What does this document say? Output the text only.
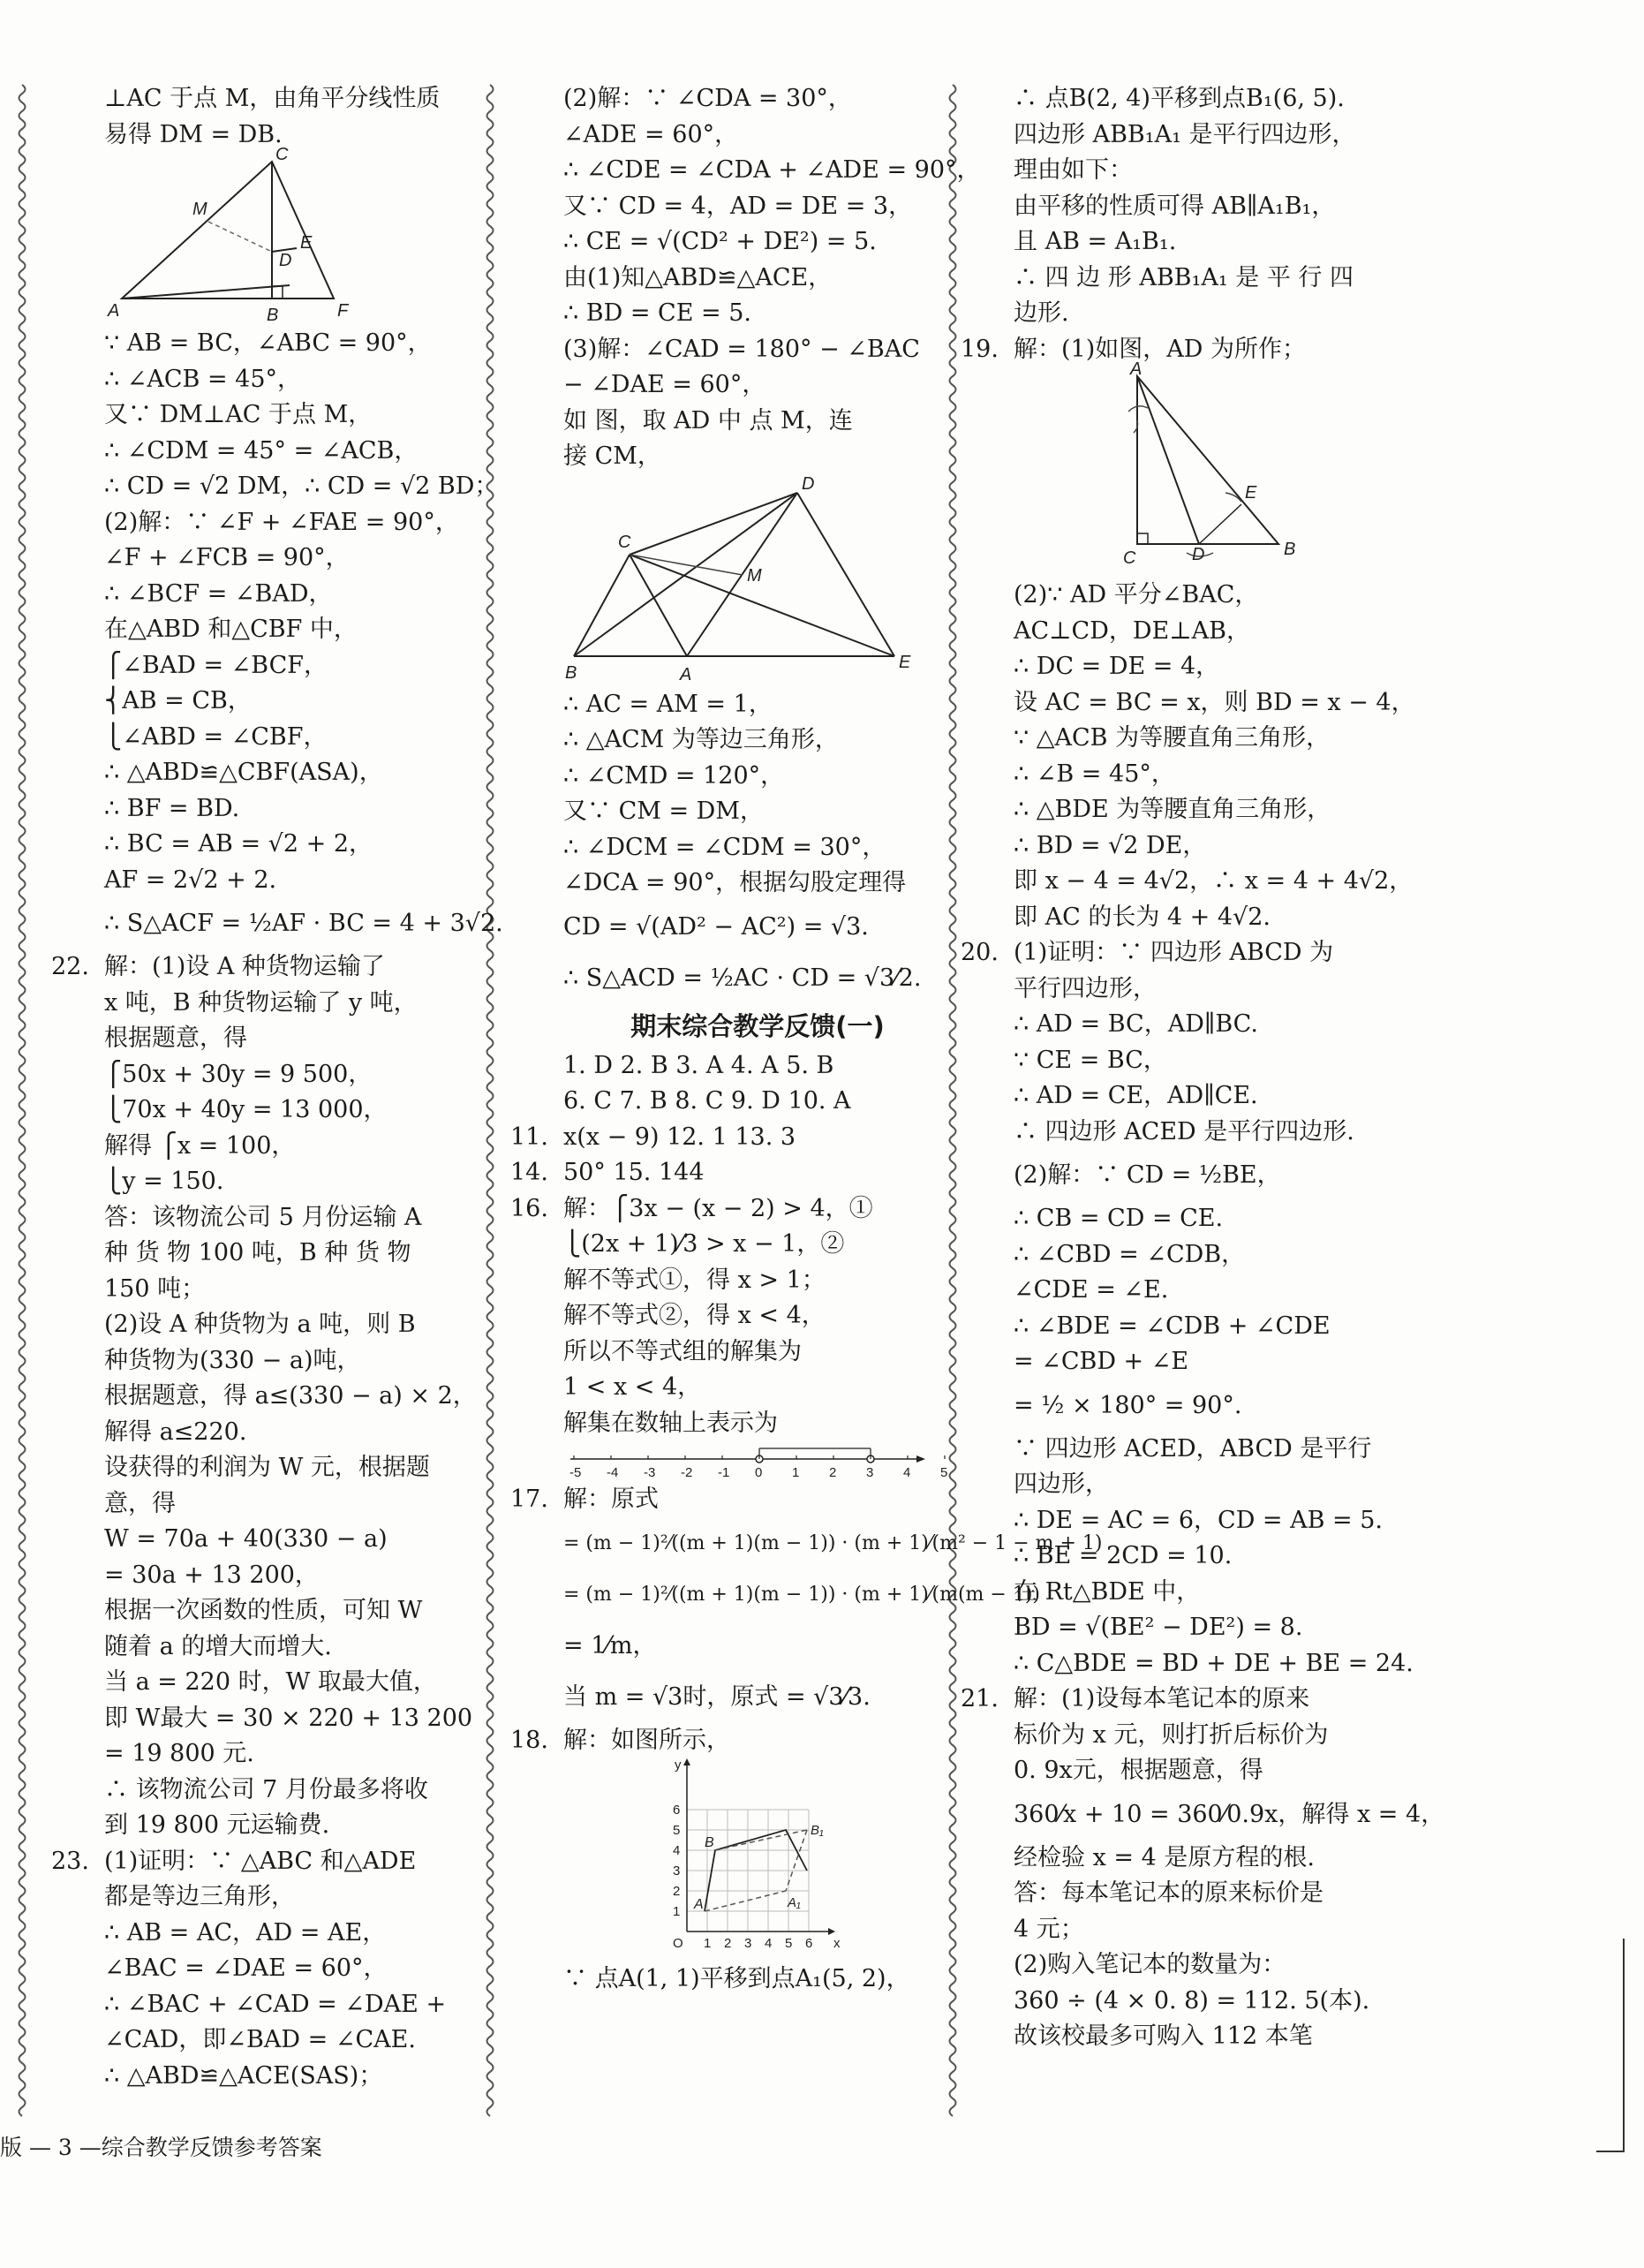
⊥AC 于点 M，由角平分线性质
易得 DM = DB.
A	B
C
D
E
F
M
∵ AB = BC，∠ABC = 90°，
∴ ∠ACB = 45°，
又∵ DM⊥AC 于点 M，
∴ ∠CDM = 45° = ∠ACB，
∴ CD = √2 DM，∴ CD = √2 BD；
(2)解：∵ ∠F + ∠FAE = 90°，
∠F + ∠FCB = 90°，
∴ ∠BCF = ∠BAD，
在△ABD 和△CBF 中，
⎧∠BAD = ∠BCF，
⎨AB = CB，
⎩∠ABD = ∠CBF，
∴ △ABD≌△CBF(ASA)，
∴ BF = BD.
∴ BC = AB = √2 + 2，
AF = 2√2 + 2.
∴ S△ACF = ½AF · BC = 4 + 3√2.
22. 解：(1)设 A 种货物运输了
x 吨，B 种货物运输了 y 吨，
根据题意，得
⎧50x + 30y = 9 500，
⎩70x + 40y = 13 000，
解得 ⎧x = 100，
⎩y = 150.
答：该物流公司 5 月份运输 A
种 货 物 100 吨，B 种 货 物
150 吨；
(2)设 A 种货物为 a 吨，则 B
种货物为(330 − a)吨，
根据题意，得 a≤(330 − a) × 2，
解得 a≤220.
设获得的利润为 W 元，根据题
意，得
W = 70a + 40(330 − a)
= 30a + 13 200，
根据一次函数的性质，可知 W
随着 a 的增大而增大.
当 a = 220 时，W 取最大值，
即 W最大 = 30 × 220 + 13 200
= 19 800 元.
∴ 该物流公司 7 月份最多将收
到 19 800 元运输费.
23. (1)证明：∵ △ABC 和△ADE
都是等边三角形，
∴ AB = AC，AD = AE，
∠BAC = ∠DAE = 60°，
∴ ∠BAC + ∠CAD = ∠DAE +
∠CAD，即∠BAD = ∠CAE.
∴ △ABD≌△ACE(SAS)；
(2)解：∵ ∠CDA = 30°，
∠ADE = 60°，
∴ ∠CDE = ∠CDA + ∠ADE = 90°，
又∵ CD = 4，AD = DE = 3，
∴ CE = √(CD² + DE²) = 5.
由(1)知△ABD≌△ACE，
∴ BD = CE = 5.
(3)解：∠CAD = 180° − ∠BAC
− ∠DAE = 60°，
如 图，取 AD 中 点 M，连
接 CM，
C
D
M
B	A
E
∴ AC = AM = 1，
∴ △ACM 为等边三角形，
∴ ∠CMD = 120°，
又∵ CM = DM，
∴ ∠DCM = ∠CDM = 30°，
∠DCA = 90°，根据勾股定理得
CD = √(AD² − AC²) = √3.
∴ S△ACD = ½AC · CD = √3⁄2.
期末综合教学反馈(一)
1. D 2. B 3. A 4. A 5. B
6. C 7. B 8. C 9. D 10. A
11. x(x − 9) 12. 1 13. 3
14. 50° 15. 144
16. 解：⎧3x − (x − 2) > 4，①
⎩(2x + 1)⁄3 > x − 1，②
解不等式①，得 x > 1；
解不等式②，得 x < 4，
所以不等式组的解集为
1 < x < 4，
解集在数轴上表示为
-5 -4 -3 -2 -1 0 1 2 3 4 5
17. 解：原式
= (m − 1)²⁄((m + 1)(m − 1)) · (m + 1)⁄(m² − 1 − m + 1)
= (m − 1)²⁄((m + 1)(m − 1)) · (m + 1)⁄(m(m − 1))
= 1⁄m，
当 m = √3时，原式 = √3⁄3.
18. 解：如图所示，
O	x
y
A
B
A₁
B₁
1 2 3 4 5 6
1
2
3
4
5
6
∵ 点A(1, 1)平移到点A₁(5, 2)，
∴ 点B(2, 4)平移到点B₁(6, 5).
四边形 ABB₁A₁ 是平行四边形，
理由如下：
由平移的性质可得 AB∥A₁B₁，
且 AB = A₁B₁.
∴ 四 边 形 ABB₁A₁ 是 平 行 四
边形.
19. 解：(1)如图，AD 为所作；
A
C	D
E
B
(2)∵ AD 平分∠BAC，
AC⊥CD，DE⊥AB，
∴ DC = DE = 4，
设 AC = BC = x，则 BD = x − 4，
∵ △ACB 为等腰直角三角形，
∴ ∠B = 45°，
∴ △BDE 为等腰直角三角形，
∴ BD = √2 DE，
即 x − 4 = 4√2，∴ x = 4 + 4√2，
即 AC 的长为 4 + 4√2.
20. (1)证明：∵ 四边形 ABCD 为
平行四边形，
∴ AD = BC，AD∥BC.
∵ CE = BC，
∴ AD = CE，AD∥CE.
∴ 四边形 ACED 是平行四边形.
(2)解：∵ CD = ½BE，
∴ CB = CD = CE.
∴ ∠CBD = ∠CDB，
∠CDE = ∠E.
∴ ∠BDE = ∠CDB + ∠CDE
= ∠CBD + ∠E
= ½ × 180° = 90°.
∵ 四边形 ACED，ABCD 是平行
四边形，
∴ DE = AC = 6，CD = AB = 5.
∴ BE = 2CD = 10.
在 Rt△BDE 中，
BD = √(BE² − DE²) = 8.
∴ C△BDE = BD + DE + BE = 24.
21. 解：(1)设每本笔记本的原来
标价为 x 元，则打折后标价为
0. 9x元，根据题意，得
360⁄x + 10 = 360⁄0.9x，解得 x = 4，
经检验 x = 4 是原方程的根.
答：每本笔记本的原来标价是
4 元；
(2)购入笔记本的数量为：
360 ÷ (4 × 0. 8) = 112. 5(本).
故该校最多可购入 112 本笔
版 — 3 —综合教学反馈参考答案
